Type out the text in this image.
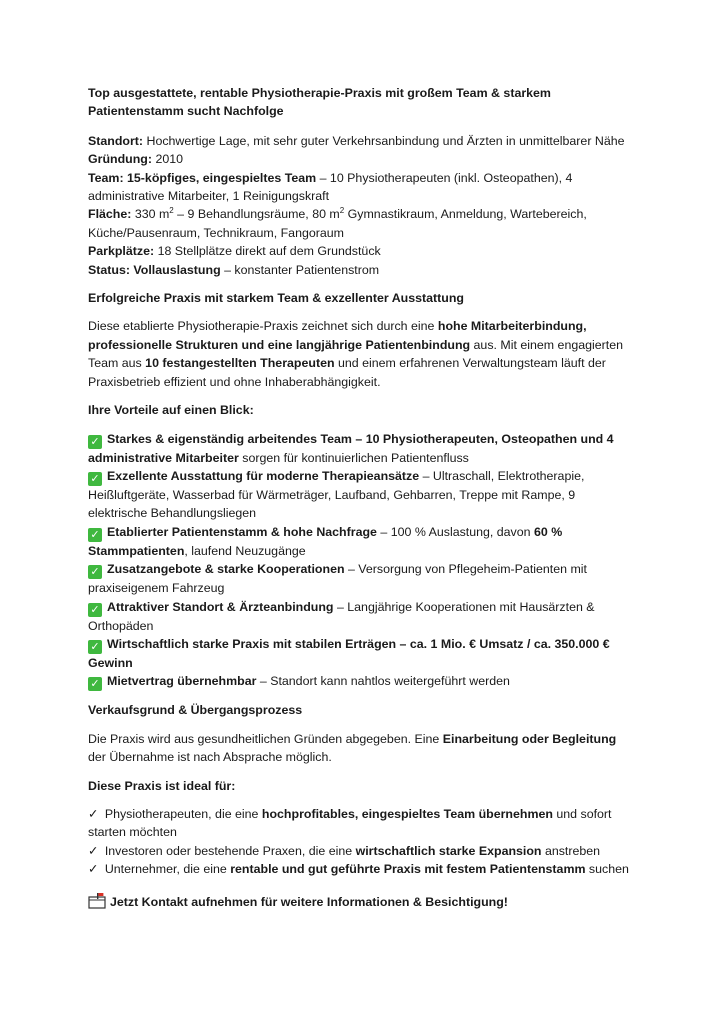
Top ausgestattete, rentable Physiotherapie-Praxis mit großem Team & starkem Patientenstamm sucht Nachfolge

Standort: Hochwertige Lage, mit sehr guter Verkehrsanbindung und Ärzten in unmittelbarer Nähe

Gründung: 2010

Team: 15-köpfiges, eingespieltes Team – 10 Physiotherapeuten (inkl. Osteopathen), 4 administrative Mitarbeiter, 1 Reinigungskraft

Fläche: 330 $m^2 - 9$ Behandlungsräume, 80 $m^2$ Gymnastikraum, Anmeldung, Wartebereich, Küche/Pausenraum, Technikraum, Fangoraum

Parkplätze: 18 Stellplätze direkt auf dem Grundstück

Status: Vollauslastung – konstanter Patientenstrom

Erfolgreiche Praxis mit starkem Team & exzellenter Ausstattung

Diese etablierte Physiotherapie-Praxis zeichnet sich durch eine hohe Mitarbeiterbindung, professionelle Strukturen und eine langjährige Patientenbindung aus. Mit einem engagierten Team aus 10 festangestellten Therapeuten und einem erfahrenen Verwaltungsteam läuft der Praxisbetrieb effizient und ohne Inhaberabhängigkeit.

Ihre Vorteile auf einen Blick:

✓ Starkes & eigenständig arbeitendes Team – 10 Physiotherapeuten, Osteopathen und 4 administrative Mitarbeiter sorgen für kontinuierlichen Patientenfluss

✓ Exzellente Ausstattung für moderne Therapieansätze – Ultraschall, Elektrotherapie, Heißluftgeräte, Wasserbad für Wärmeträger, Laufband, Gehbarren, Treppe mit Rampe, 9 elektrische Behandlungsliegen

✓ Etablierter Patientenstamm & hohe Nachfrage – 100 % Auslastung, davon 60 % Stammpatienten, laufend Neuzugänge

✓ Zusatzangebote & starke Kooperationen – Versorgung von Pflegeheim-Patienten mit praxiseigenem Fahrzeug

✓ Attraktiver Standort & Ärzteanbindung – Langjährige Kooperationen mit Hausärzten & Orthopäden

✓ Wirtschaftlich starke Praxis mit stabilen Erträgen – ca. 1 Mio. € Umsatz / ca. 350.000 € Gewinn

✓ Mietvertrag übernehmbar – Standort kann nahtlos weitergeführt werden

Verkaufsgrund & Übergangsprozess

Die Praxis wird aus gesundheitlichen Gründen abgegeben. Eine Einarbeitung oder Begleitung der Übernahme ist nach Absprache möglich.

Diese Praxis ist ideal für:

✓ Physiotherapeuten, die eine hochprofitables, eingespieltes Team übernehmen und sofort starten möchten

✓ Investoren oder bestehende Praxen, die eine wirtschaftlich starke Expansion anstreben

✓ Unternehmer, die eine rentable und gut geführte Praxis mit festem Patientenstamm suchen

Jetzt Kontakt aufnehmen für weitere Informationen & Besichtigung!
